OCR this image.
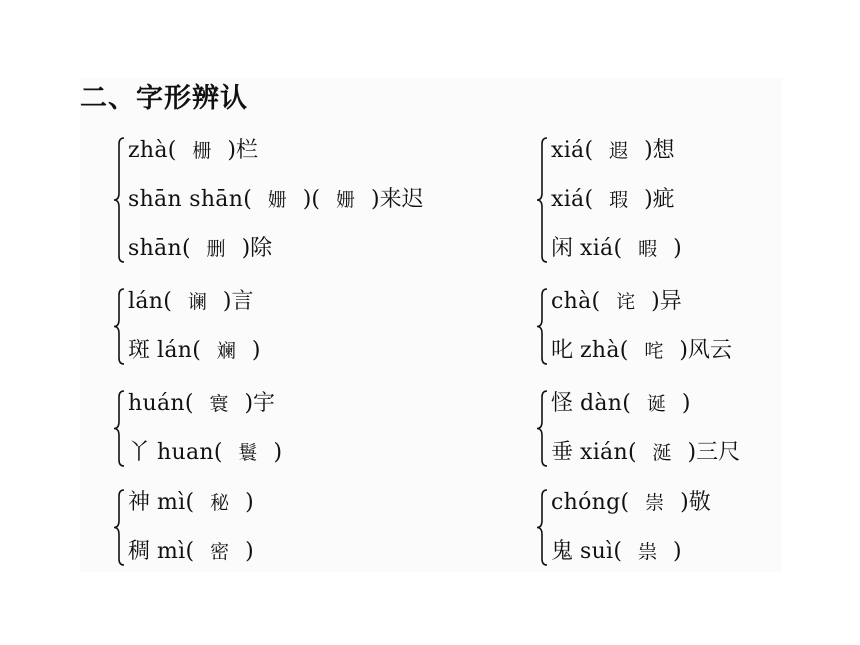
二、字形辨认
zhà( 栅 )栏
shān shān( 姗 )( 姗 )来迟
shān( 删 )除
xiá( 遐 )想
xiá( 瑕 )疵
闲 xiá( 暇 )
lán( 谰 )言
斑 lán( 斓 )
chà( 诧 )异
叱 zhà( 咤 )风云
huán( 寰 )宇
丫 huan( 鬟 )
怪 dàn( 诞 )
垂 xián( 涎 )三尺
神 mì( 秘 )
稠 mì( 密 )
chóng( 崇 )敬
鬼 suì( 祟 )
